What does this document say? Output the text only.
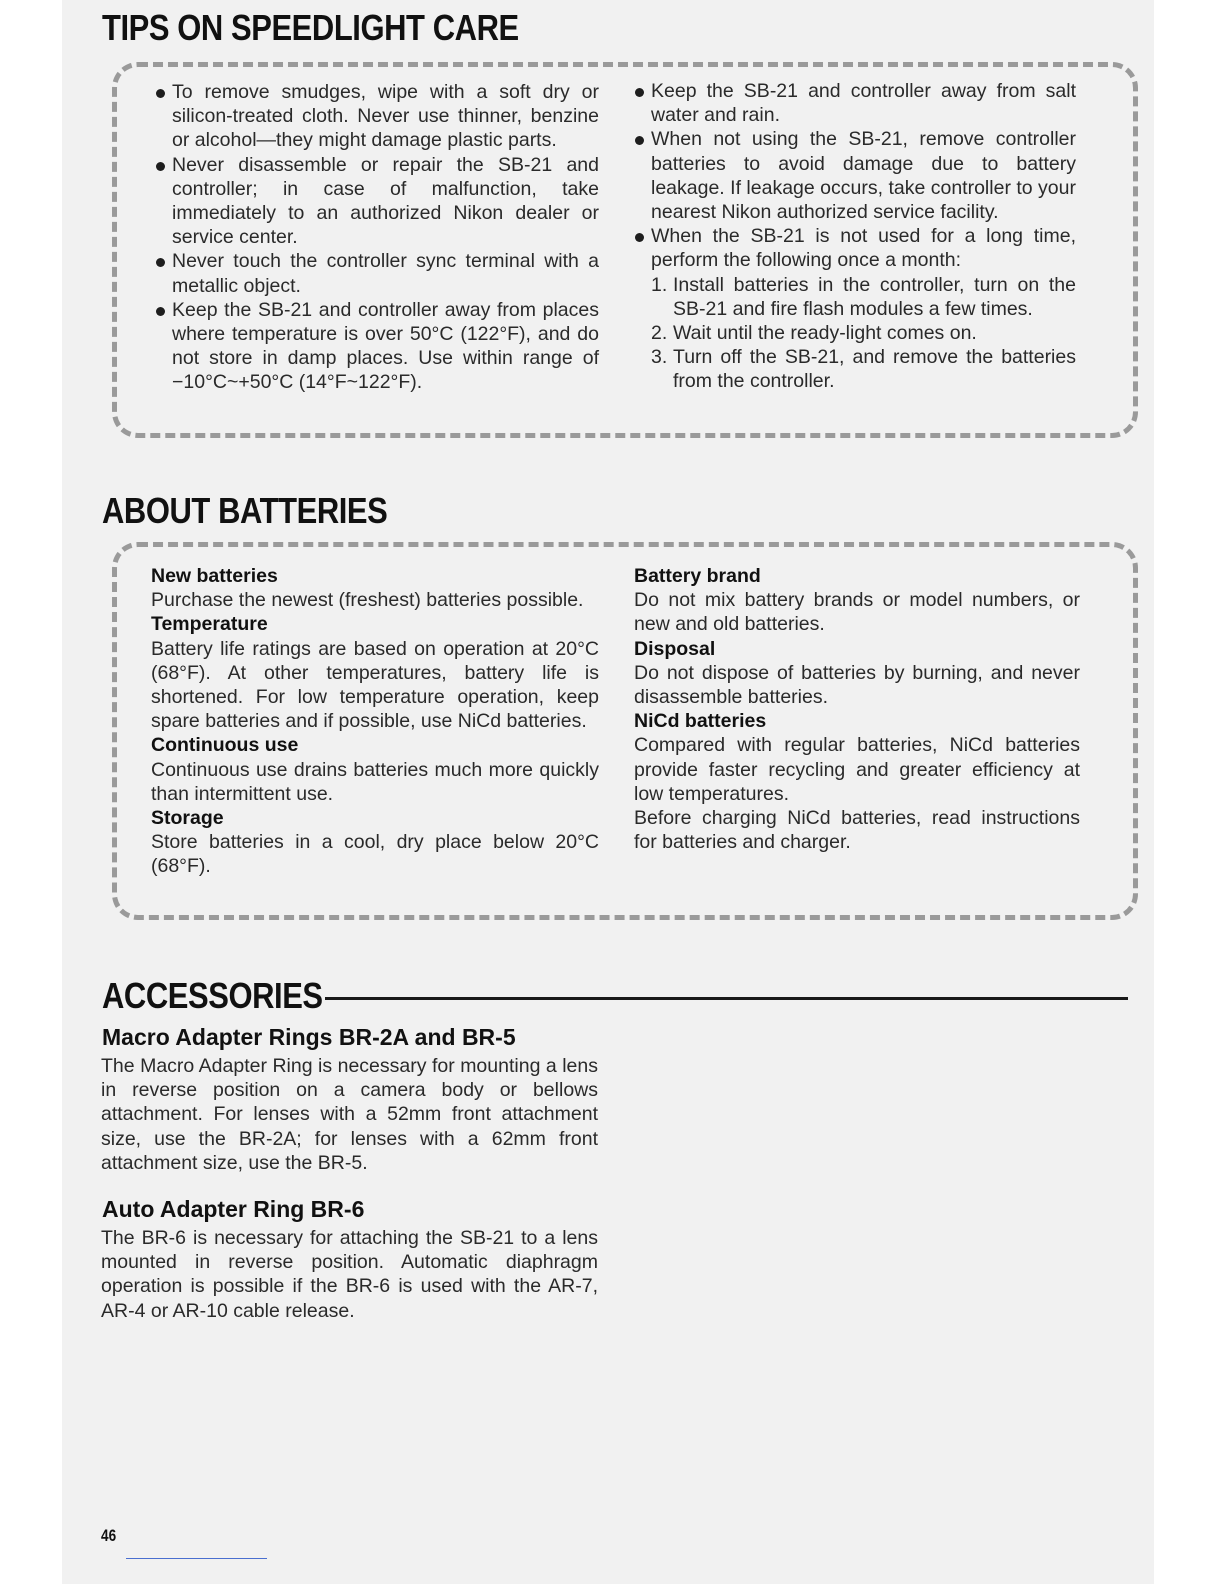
TIPS ON SPEEDLIGHT CARE
To remove smudges, wipe with a soft dry or silicon-treated cloth. Never use thinner, benzine or alcohol—they might damage plastic parts.
Never disassemble or repair the SB-21 and controller; in case of malfunction, take immediately to an authorized Nikon dealer or service center.
Never touch the controller sync terminal with a metallic object.
Keep the SB-21 and controller away from places where temperature is over 50°C (122°F), and do not store in damp places. Use within range of −10°C~+50°C (14°F~122°F).
Keep the SB-21 and controller away from salt water and rain.
When not using the SB-21, remove controller batteries to avoid damage due to battery leakage. If leakage occurs, take controller to your nearest Nikon authorized service facility.
When the SB-21 is not used for a long time, perform the following once a month:
1. Install batteries in the controller, turn on the SB-21 and fire flash modules a few times.
2. Wait until the ready-light comes on.
3. Turn off the SB-21, and remove the batteries from the controller.
ABOUT BATTERIES
New batteries
Purchase the newest (freshest) batteries possible.
Temperature
Battery life ratings are based on operation at 20°C (68°F). At other temperatures, battery life is shortened. For low temperature operation, keep spare batteries and if possible, use NiCd batteries.
Continuous use
Continuous use drains batteries much more quickly than intermittent use.
Storage
Store batteries in a cool, dry place below 20°C (68°F).
Battery brand
Do not mix battery brands or model numbers, or new and old batteries.
Disposal
Do not dispose of batteries by burning, and never disassemble batteries.
NiCd batteries
Compared with regular batteries, NiCd batteries provide faster recycling and greater efficiency at low temperatures.
Before charging NiCd batteries, read instructions for batteries and charger.
ACCESSORIES
Macro Adapter Rings BR-2A and BR-5

The Macro Adapter Ring is necessary for mounting a lens in reverse position on a camera body or bellows attachment. For lenses with a 52mm front attachment size, use the BR-2A; for lenses with a 62mm front attachment size, use the BR-5.

Auto Adapter Ring BR-6

The BR-6 is necessary for attaching the SB-21 to a lens mounted in reverse position. Automatic diaphragm operation is possible if the BR-6 is used with the AR-7, AR-4 or AR-10 cable release.

46
